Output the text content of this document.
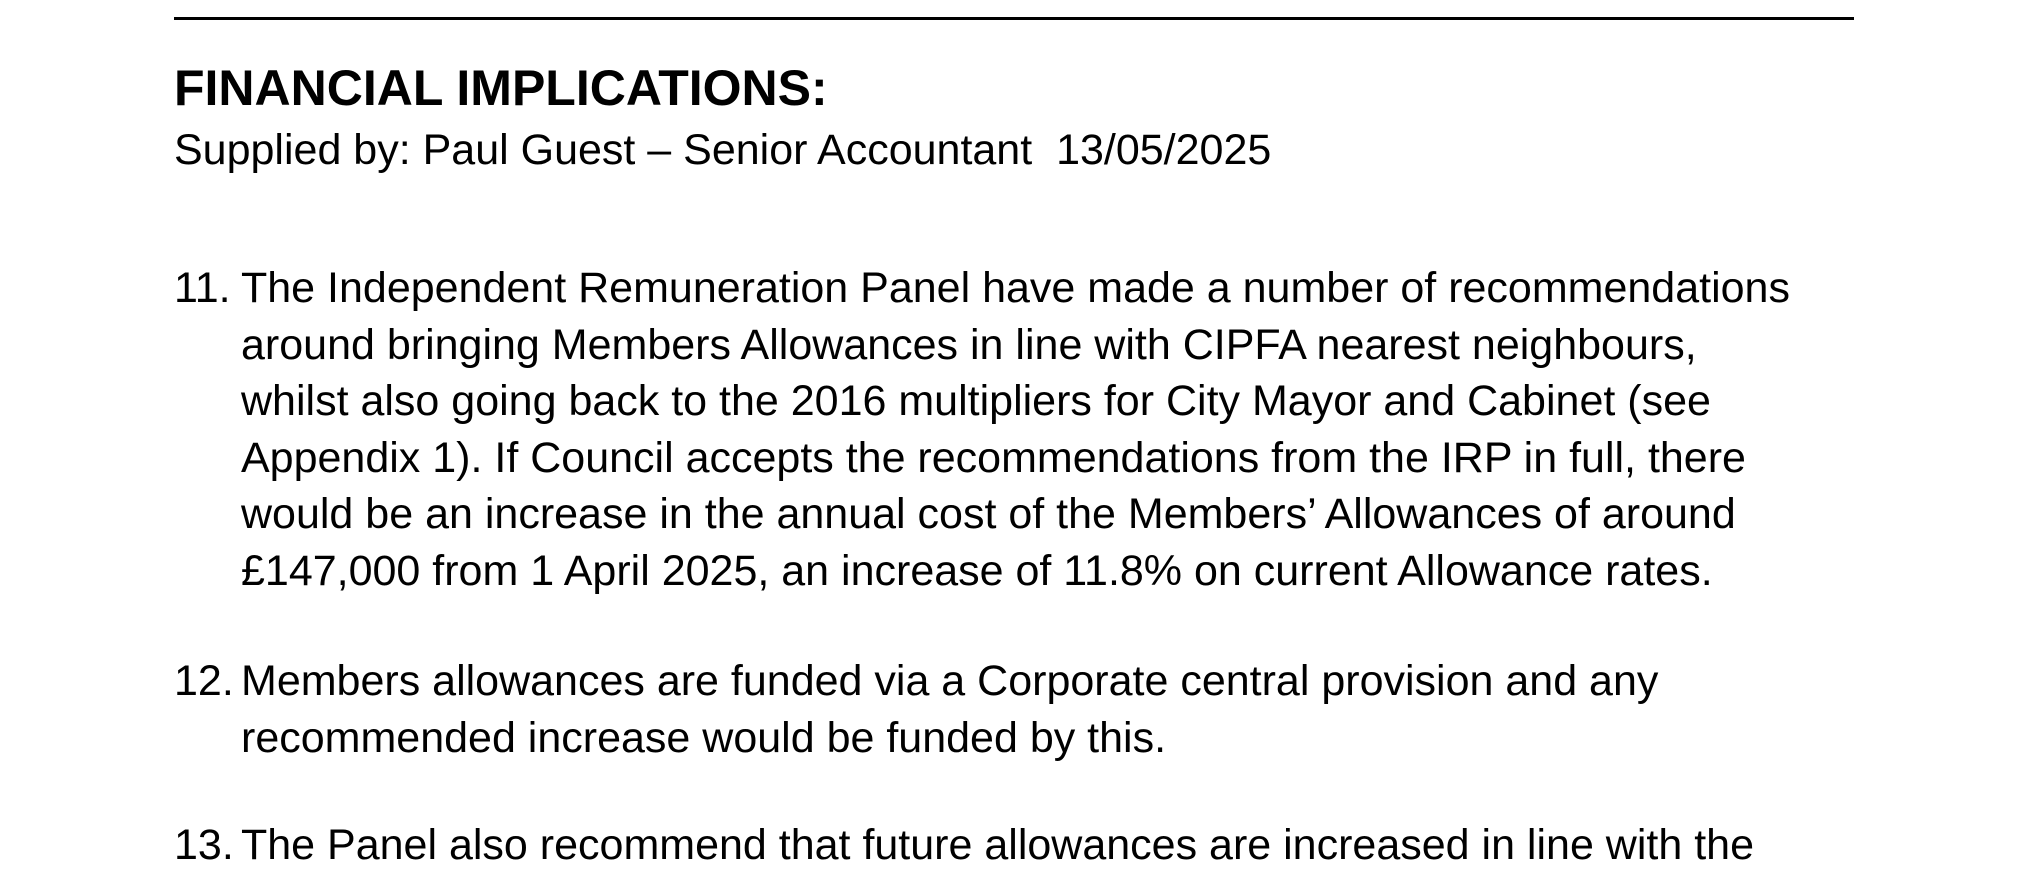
FINANCIAL IMPLICATIONS:
Supplied by: Paul Guest – Senior Accountant  13/05/2025
11. The Independent Remuneration Panel have made a number of recommendations
around bringing Members Allowances in line with CIPFA nearest neighbours,
whilst also going back to the 2016 multipliers for City Mayor and Cabinet (see
Appendix 1). If Council accepts the recommendations from the IRP in full, there
would be an increase in the annual cost of the Members’ Allowances of around
£147,000 from 1 April 2025, an increase of 11.8% on current Allowance rates.
12. Members allowances are funded via a Corporate central provision and any
recommended increase would be funded by this.
13. The Panel also recommend that future allowances are increased in line with the
